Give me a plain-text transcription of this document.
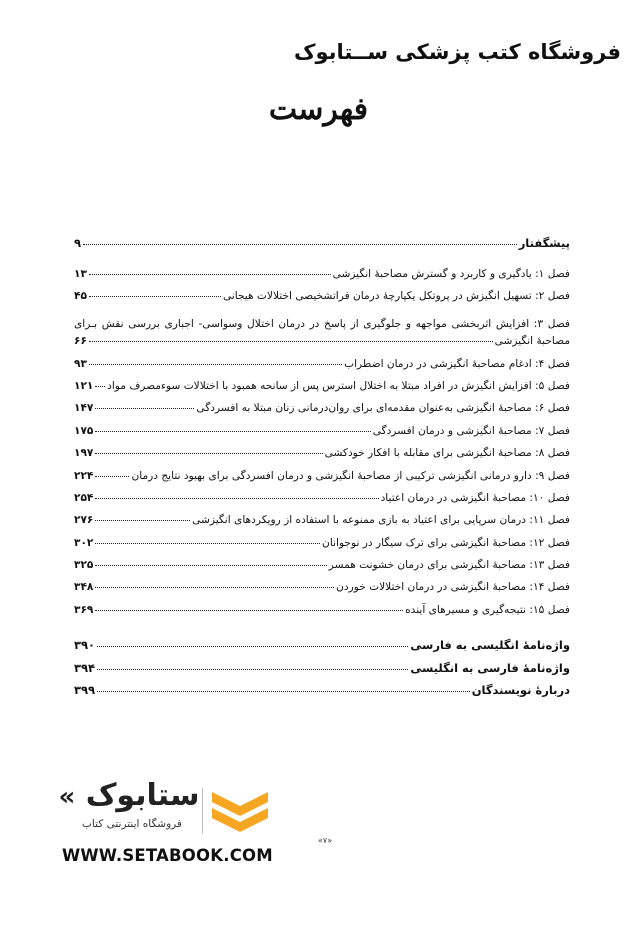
فروشگاه کتب پزشکی ســتابوک
فهرست
پیشگفتار
۹
فصل ۱: یادگیری و کاربرد و گسترش مصاحبهٔ انگیزشی
۱۳
فصل ۲: تسهیل انگیزش در پروتکل یکپارچهٔ درمان فراتشخیصی اختلالات هیجانی
۴۵
فصل ۳: افزایش اثربخشی مواجهه و جلوگیری از پاسخ در درمان اختلال وسواسی- اجباری بررسی نقش بـرای
مصاحبهٔ انگیزشی
۶۶
فصل ۴: ادغام مصاحبهٔ انگیزشی در درمان اضطراب
۹۳
فصل ۵: افزایش انگیزش در افراد مبتلا به اختلال استرس پس از سانحه همبود با اختلالات سوءمصرف مواد
۱۲۱
فصل ۶: مصاحبهٔ انگیزشی به‌عنوان مقدمه‌ای برای روان‌درمانی زنان مبتلا به افسردگی
۱۴۷
فصل ۷: مصاحبهٔ انگیزشی و درمان افسردگی
۱۷۵
فصل ۸: مصاحبهٔ انگیزشی برای مقابله با افکار خودکشی
۱۹۷
فصل ۹: دارو درمانی انگیزشی ترکیبی از مصاحبهٔ انگیزشی و درمان افسردگی برای بهبود نتایج درمان
۲۲۴
فصل ۱۰: مصاحبهٔ انگیزشی در درمان اعتیاد
۲۵۴
فصل ۱۱: درمان سرپایی برای اعتیاد به بازی ممنوعه با استفاده از رویکردهای انگیزشی
۲۷۶
فصل ۱۲: مصاحبهٔ انگیزشی برای ترک سیگار در نوجوانان
۳۰۲
فصل ۱۳: مصاحبهٔ انگیزشی برای درمان خشونت همسر
۳۲۵
فصل ۱۴: مصاحبهٔ انگیزشی در درمان اختلالات خوردن
۳۴۸
فصل ۱۵: نتیجه‌گیری و مسیرهای آینده
۳۶۹
واژه‌نامهٔ انگلیسی به فارسی
۳۹۰
واژه‌نامهٔ فارسی به انگلیسی
۳۹۴
دربارهٔ نویسندگان
۳۹۹
« ستابوک
فروشگاه اینترنتی کتاب
WWW.SETABOOK.COM
«۷»
